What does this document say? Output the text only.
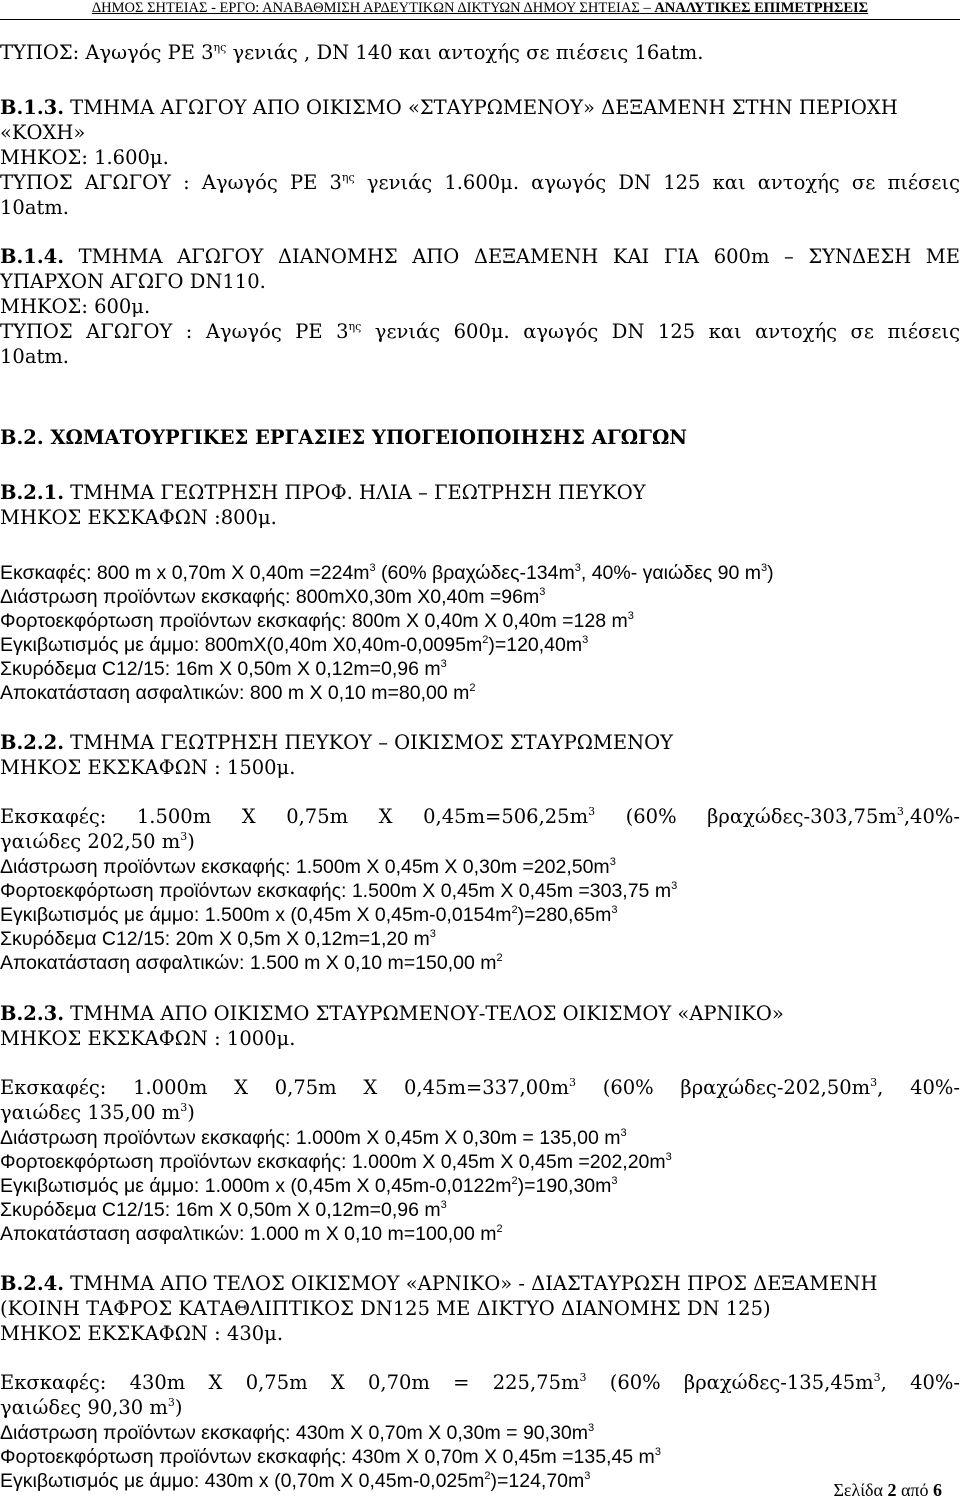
ΔΗΜΟΣ ΣΗΤΕΙΑΣ - ΕΡΓΟ: ΑΝΑΒΑΘΜΙΣΗ ΑΡΔΕΥΤΙΚΩΝ ΔΙΚΤΥΩΝ ΔΗΜΟΥ ΣΗΤΕΙΑΣ – ΑΝΑΛΥΤΙΚΕΣ ΕΠΙΜΕΤΡΗΣΕΙΣ
ΤΥΠΟΣ: Αγωγός PE $3^{\eta\varsigma}$ γενιάς , DN 140 και αντοχής σε πιέσεις 16atm.
Β.1.3. ΤΜΗΜΑ ΑΓΩΓΟΥ ΑΠΟ ΟΙΚΙΣΜΟ «ΣΤΑΥΡΩΜΕΝΟΥ» ΔΕΞΑΜΕΝΗ ΣΤΗΝ ΠΕΡΙΟΧΗ
«ΚΟΧΗ»
ΜΗΚΟΣ: 1.600μ.
ΤΥΠΟΣ ΑΓΩΓΟΥ : Αγωγός PE $3^{\eta\varsigma}$ γενιάς 1.600μ. αγωγός DN 125 και αντοχής σε πιέσεις
10atm.
Β.1.4. ΤΜΗΜΑ ΑΓΩΓΟΥ ΔΙΑΝΟΜΗΣ ΑΠΟ ΔΕΞΑΜΕΝΗ ΚΑΙ ΓΙΑ 600m – ΣΥΝΔΕΣΗ ΜΕ
ΥΠΑΡΧΟΝ ΑΓΩΓΟ DN110.
ΜΗΚΟΣ: 600μ.
ΤΥΠΟΣ ΑΓΩΓΟΥ : Αγωγός PE $3^{\eta\varsigma}$ γενιάς 600μ. αγωγός DN 125 και αντοχής σε πιέσεις
10atm.
Β.2. ΧΩΜΑΤΟΥΡΓΙΚΕΣ ΕΡΓΑΣΙΕΣ ΥΠΟΓΕΙΟΠΟΙΗΣΗΣ ΑΓΩΓΩΝ
Β.2.1. ΤΜΗΜΑ ΓΕΩΤΡΗΣΗ ΠΡΟΦ. ΗΛΙΑ – ΓΕΩΤΡΗΣΗ ΠΕΥΚΟΥ
ΜΗΚΟΣ ΕΚΣΚΑΦΩΝ :800μ.
Εκσκαφές: 800 m x 0,70m X $0,40m =224m^3$ (60% βραχώδες-$134m^3$, 40%- γαιώδες 90 $m^3$)
Διάστρωση προϊόντων εκσκαφής: 800mX0,30m $X0,40m =96m^3$
Φορτοεκφόρτωση προϊόντων εκσκαφής: 800m X 0,40m X 0,40m =128 $m^3$
Εγκιβωτισμός με άμμο: 800mX(0,40m $X0,40m-0,0095m^2)=120,40m^3$
Σκυρόδεμα C12/15: 16m X 0,50m X 0,12m=0,96 $m^3$
Αποκατάσταση ασφαλτικών: 800 m X 0,10 m=80,00 $m^2$
Β.2.2. ΤΜΗΜΑ ΓΕΩΤΡΗΣΗ ΠΕΥΚΟΥ – ΟΙΚΙΣΜΟΣ ΣΤΑΥΡΩΜΕΝΟΥ
ΜΗΚΟΣ ΕΚΣΚΑΦΩΝ : 1500μ.
Εκσκαφές: 1.500m X 0,75m X $0,45m=506,25m^3$ (60% βραχώδες-$303,75m^3,40\%-$
γαιώδες 202,50 $m^3$)
Διάστρωση προϊόντων εκσκαφής: 1.500m X 0,45m X $0,30m =202,50m^3$
Φορτοεκφόρτωση προϊόντων εκσκαφής: 1.500m X 0,45m X 0,45m =303,75 $m^3$
Εγκιβωτισμός με άμμο: 1.500m x (0,45m X $0,45m-0,0154m^2)=280,65m^3$
Σκυρόδεμα C12/15: 20m X 0,5m X 0,12m=1,20 $m^3$
Αποκατάσταση ασφαλτικών: 1.500 m X 0,10 m=150,00 $m^2$
Β.2.3. ΤΜΗΜΑ ΑΠΟ ΟΙΚΙΣΜΟ ΣΤΑΥΡΩΜΕΝΟΥ-ΤΕΛΟΣ ΟΙΚΙΣΜΟΥ «ΑΡΝΙΚΟ»
ΜΗΚΟΣ ΕΚΣΚΑΦΩΝ : 1000μ.
Εκσκαφές: 1.000m X 0,75m X $0,45m=337,00m^3$ (60% βραχώδες-$202,50m^3$, 40%-
γαιώδες 135,00 $m^3$)
Διάστρωση προϊόντων εκσκαφής: 1.000m X 0,45m X 0,30m = 135,00 $m^3$
Φορτοεκφόρτωση προϊόντων εκσκαφής: 1.000m X 0,45m X $0,45m =202,20m^3$
Εγκιβωτισμός με άμμο: 1.000m x (0,45m X $0,45m-0,0122m^2)=190,30m^3$
Σκυρόδεμα C12/15: 16m X 0,50m X 0,12m=0,96 $m^3$
Αποκατάσταση ασφαλτικών: 1.000 m X 0,10 m=100,00 $m^2$
Β.2.4. ΤΜΗΜΑ ΑΠΟ ΤΕΛΟΣ ΟΙΚΙΣΜΟΥ «ΑΡΝΙΚΟ» - ΔΙΑΣΤΑΥΡΩΣΗ ΠΡΟΣ ΔΕΞΑΜΕΝΗ
(ΚΟΙΝΗ ΤΑΦΡΟΣ ΚΑΤΑΘΛΙΠΤΙΚΟΣ DN125 ΜΕ ΔΙΚΤΥΟ ΔΙΑΝΟΜΗΣ DN 125)
ΜΗΚΟΣ ΕΚΣΚΑΦΩΝ : 430μ.
Εκσκαφές: 430m X 0,75m X $0,70m = 225,75m^3$ (60% βραχώδες-$135,45m^3$, 40%-
γαιώδες 90,30 $m^3$)
Διάστρωση προϊόντων εκσκαφής: 430m X 0,70m X $0,30m = 90,30m^3$
Φορτοεκφόρτωση προϊόντων εκσκαφής: 430m X 0,70m X 0,45m =135,45 $m^3$
Εγκιβωτισμός με άμμο: 430m x (0,70m X $0,45m-0,025m^2)=124,70m^3$
Σελίδα 2 από 6
